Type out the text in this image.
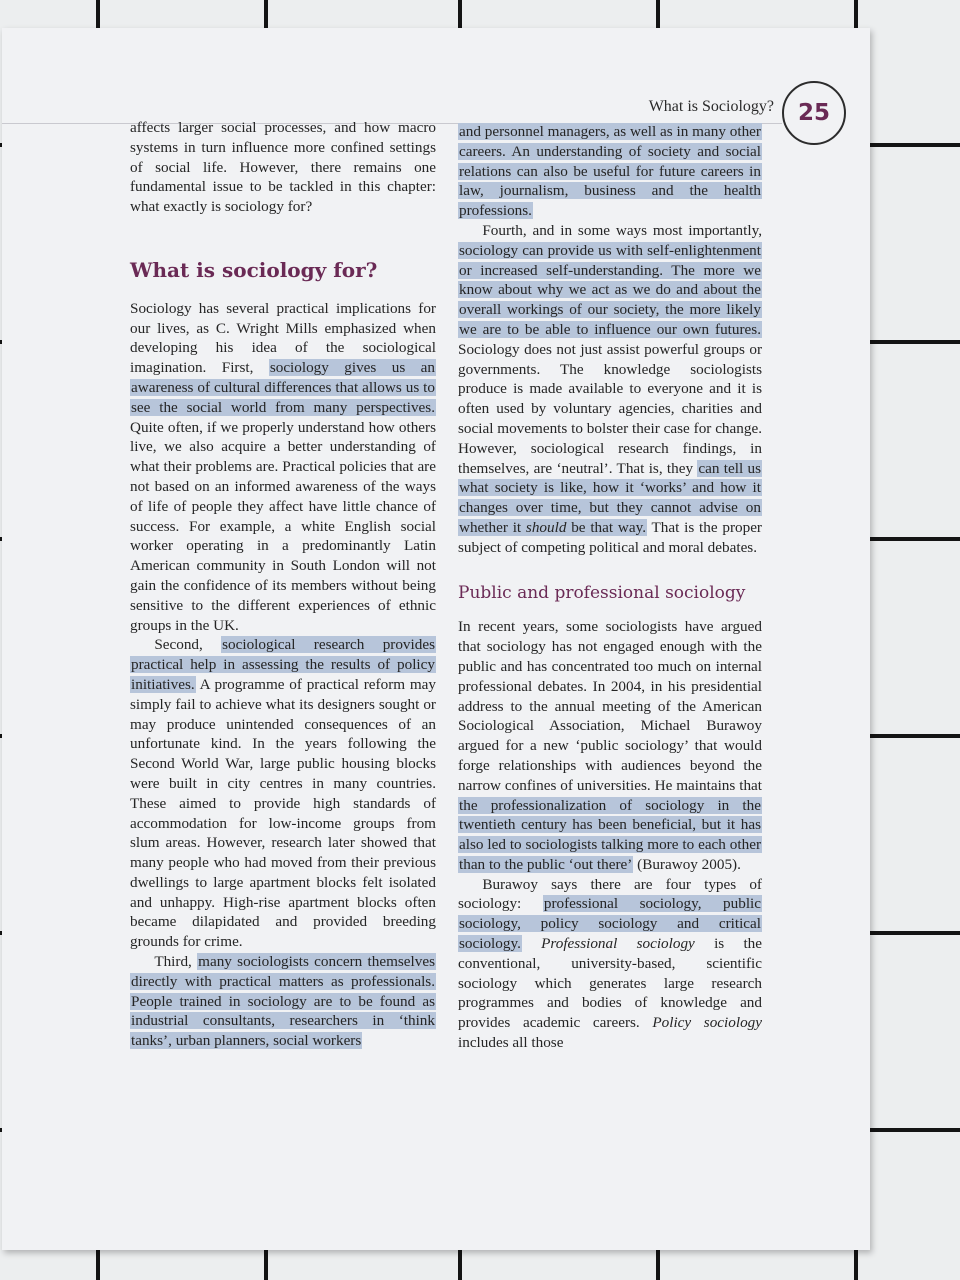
What is Sociology?	25

affects larger social processes, and how macro systems in turn influence more confined settings of social life. However, there remains one fundamental issue to be tackled in this chapter: what exactly is sociology for?

What is sociology for?

Sociology has several practical implications for our lives, as C. Wright Mills emphasized when developing his idea of the sociological imagination. First, sociology gives us an awareness of cultural differences that allows us to see the social world from many perspectives. Quite often, if we properly understand how others live, we also acquire a better understanding of what their problems are. Practical policies that are not based on an informed awareness of the ways of life of people they affect have little chance of success. For example, a white English social worker operating in a predominantly Latin American community in South London will not gain the confidence of its members without being sensitive to the different experiences of ethnic groups in the UK.

Second, sociological research provides practical help in assessing the results of policy initiatives. A programme of practical reform may simply fail to achieve what its designers sought or may produce unintended consequences of an unfortunate kind. In the years following the Second World War, large public housing blocks were built in city centres in many countries. These aimed to provide high standards of accommodation for low-income groups from slum areas. However, research later showed that many people who had moved from their previous dwellings to large apartment blocks felt isolated and unhappy. High-rise apartment blocks often became dilapidated and provided breeding grounds for crime.

Third, many sociologists concern themselves directly with practical matters as professionals. People trained in sociology are to be found as industrial consultants, researchers in ‘think tanks’, urban planners, social workers

and personnel managers, as well as in many other careers. An understanding of society and social relations can also be useful for future careers in law, journalism, business and the health professions.

Fourth, and in some ways most importantly, sociology can provide us with self-enlightenment or increased self-understanding. The more we know about why we act as we do and about the overall workings of our society, the more likely we are to be able to influence our own futures. Sociology does not just assist powerful groups or governments. The knowledge sociologists produce is made available to everyone and it is often used by voluntary agencies, charities and social movements to bolster their case for change. However, sociological research findings, in themselves, are ‘neutral’. That is, they can tell us what society is like, how it ‘works’ and how it changes over time, but they cannot advise on whether it should be that way. That is the proper subject of competing political and moral debates.

Public and professional sociology

In recent years, some sociologists have argued that sociology has not engaged enough with the public and has concentrated too much on internal professional debates. In 2004, in his presidential address to the annual meeting of the American Sociological Association, Michael Burawoy argued for a new ‘public sociology’ that would forge relationships with audiences beyond the narrow confines of universities. He maintains that the professionalization of sociology in the twentieth century has been beneficial, but it has also led to sociologists talking more to each other than to the public ‘out there’ (Burawoy 2005).

Burawoy says there are four types of sociology: professional sociology, public sociology, policy sociology and critical sociology. Professional sociology is the conventional, university-based, scientific sociology which generates large research programmes and bodies of knowledge and provides academic careers. Policy sociology includes all those
